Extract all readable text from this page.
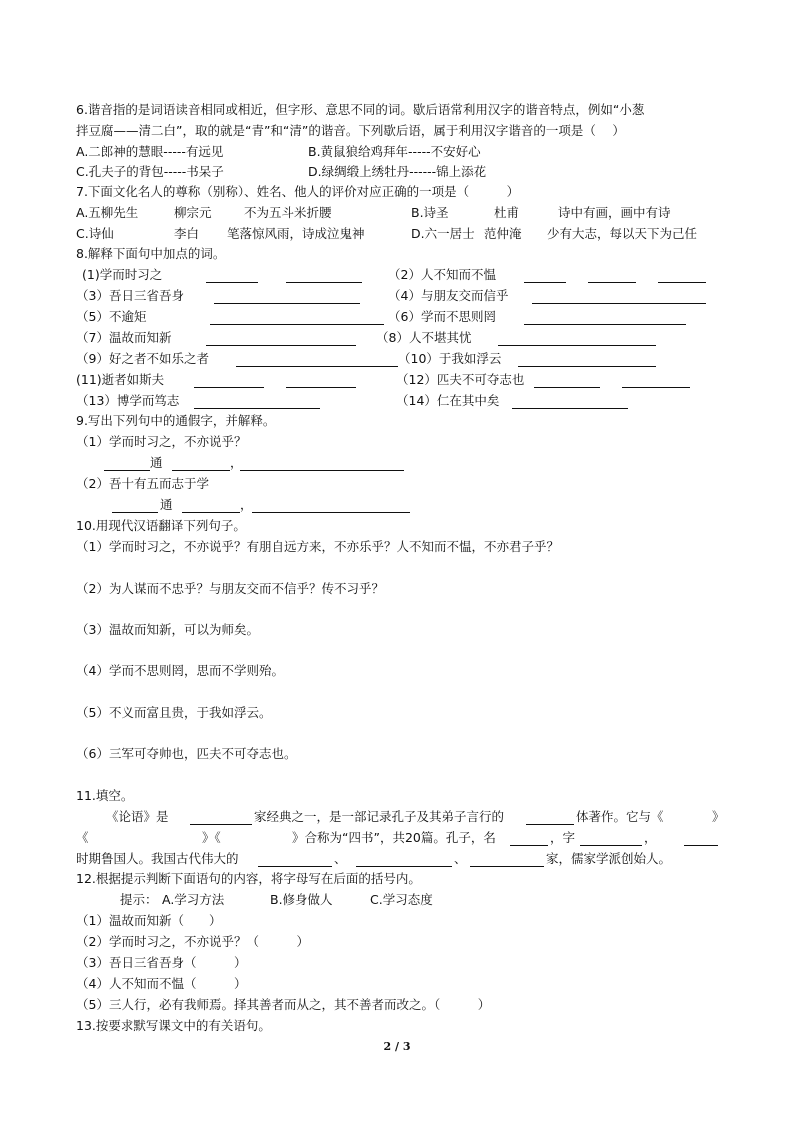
6.谐音指的是词语读音相同或相近，但字形、意思不同的词。歇后语常利用汉字的谐音特点，例如“小葱
拌豆腐——清二白”，取的就是“青”和“清”的谐音。下列歇后语，属于利用汉字谐音的一项是（　 ）
A.二郎神的慧眼-----有远见	B.黄鼠狼给鸡拜年-----不安好心
C.孔夫子的背包-----书呆子	D.绿绸缎上绣牡丹------锦上添花
7.下面文化名人的尊称（别称）、姓名、他人的评价对应正确的一项是（　　　）
A.五柳先生	柳宗元	不为五斗米折腰	B.诗圣	杜甫	诗中有画，画中有诗
C.诗仙	李白 笔落惊风雨，诗成泣鬼神	D.六一居士 范仲淹 少有大志，每以天下为己任
8.解释下面句中加点的词。
(1)学而时习之	（2）人不知而不愠
（3）吾日三省吾身	（4）与朋友交而信乎
（5）不逾矩	（6）学而不思则罔
（7）温故而知新	（8）人不堪其忧
（9）好之者不如乐之者	（10）于我如浮云
(11)逝者如斯夫	（12）匹夫不可夺志也
（13）博学而笃志	（14）仁在其中矣
9.写出下列句中的通假字，并解释。
（1）学而时习之，不亦说乎？
通	，
（2）吾十有五而志于学
通	，
10.用现代汉语翻译下列句子。
（1）学而时习之，不亦说乎？有朋自远方来，不亦乐乎？人不知而不愠，不亦君子乎？
（2）为人谋而不忠乎？与朋友交而不信乎？传不习乎？
（3）温故而知新，可以为师矣。
（4）学而不思则罔，思而不学则殆。
（5）不义而富且贵，于我如浮云。
（6）三军可夺帅也，匹夫不可夺志也。
11.填空。
《论语》是	家经典之一，是一部记录孔子及其弟子言行的	体著作。它与《	》
《	》《	》合称为“四书”，共20篇。孔子，名	，字	，
时期鲁国人。我国古代伟大的	、	、	家，儒家学派创始人。
12.根据提示判断下面语句的内容，将字母写在后面的括号内。
提示： A.学习方法	B.修身做人	C.学习态度
（1）温故而知新（　　）
（2）学而时习之，不亦说乎？（　　　）
（3）吾日三省吾身（　　　）
（4）人不知而不愠（　　　）
（5）三人行，必有我师焉。择其善者而从之，其不善者而改之。（　　　）
13.按要求默写课文中的有关语句。
2 / 3
